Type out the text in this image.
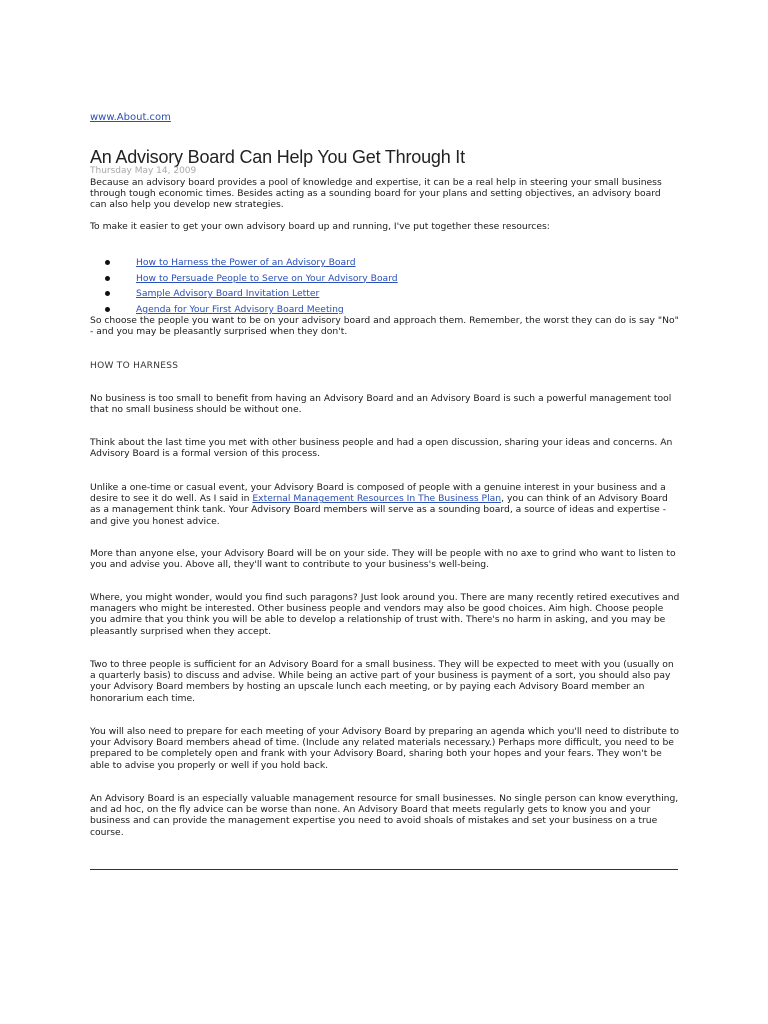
www.About.com
An Advisory Board Can Help You Get Through It
Thursday May 14, 2009
Because an advisory board provides a pool of knowledge and expertise, it can be a real help in steering your small business through tough economic times. Besides acting as a sounding board for your plans and setting objectives, an advisory board can also help you develop new strategies.
To make it easier to get your own advisory board up and running, I've put together these resources:
How to Harness the Power of an Advisory Board
How to Persuade People to Serve on Your Advisory Board
Sample Advisory Board Invitation Letter
Agenda for Your First Advisory Board Meeting
So choose the people you want to be on your advisory board and approach them. Remember, the worst they can do is say "No" - and you may be pleasantly surprised when they don't.
HOW TO HARNESS
No business is too small to benefit from having an Advisory Board and an Advisory Board is such a powerful management tool that no small business should be without one.
Think about the last time you met with other business people and had a open discussion, sharing your ideas and concerns. An Advisory Board is a formal version of this process.
Unlike a one-time or casual event, your Advisory Board is composed of people with a genuine interest in your business and a desire to see it do well. As I said in External Management Resources In The Business Plan, you can think of an Advisory Board as a management think tank. Your Advisory Board members will serve as a sounding board, a source of ideas and expertise - and give you honest advice.
More than anyone else, your Advisory Board will be on your side. They will be people with no axe to grind who want to listen to you and advise you. Above all, they'll want to contribute to your business's well-being.
Where, you might wonder, would you find such paragons? Just look around you. There are many recently retired executives and managers who might be interested. Other business people and vendors may also be good choices. Aim high. Choose people you admire that you think you will be able to develop a relationship of trust with. There's no harm in asking, and you may be pleasantly surprised when they accept.
Two to three people is sufficient for an Advisory Board for a small business. They will be expected to meet with you (usually on a quarterly basis) to discuss and advise. While being an active part of your business is payment of a sort, you should also pay your Advisory Board members by hosting an upscale lunch each meeting, or by paying each Advisory Board member an honorarium each time.
You will also need to prepare for each meeting of your Advisory Board by preparing an agenda which you'll need to distribute to your Advisory Board members ahead of time. (Include any related materials necessary.) Perhaps more difficult, you need to be prepared to be completely open and frank with your Advisory Board, sharing both your hopes and your fears. They won't be able to advise you properly or well if you hold back.
An Advisory Board is an especially valuable management resource for small businesses. No single person can know everything, and ad hoc, on the fly advice can be worse than none. An Advisory Board that meets regularly gets to know you and your business and can provide the management expertise you need to avoid shoals of mistakes and set your business on a true course.
